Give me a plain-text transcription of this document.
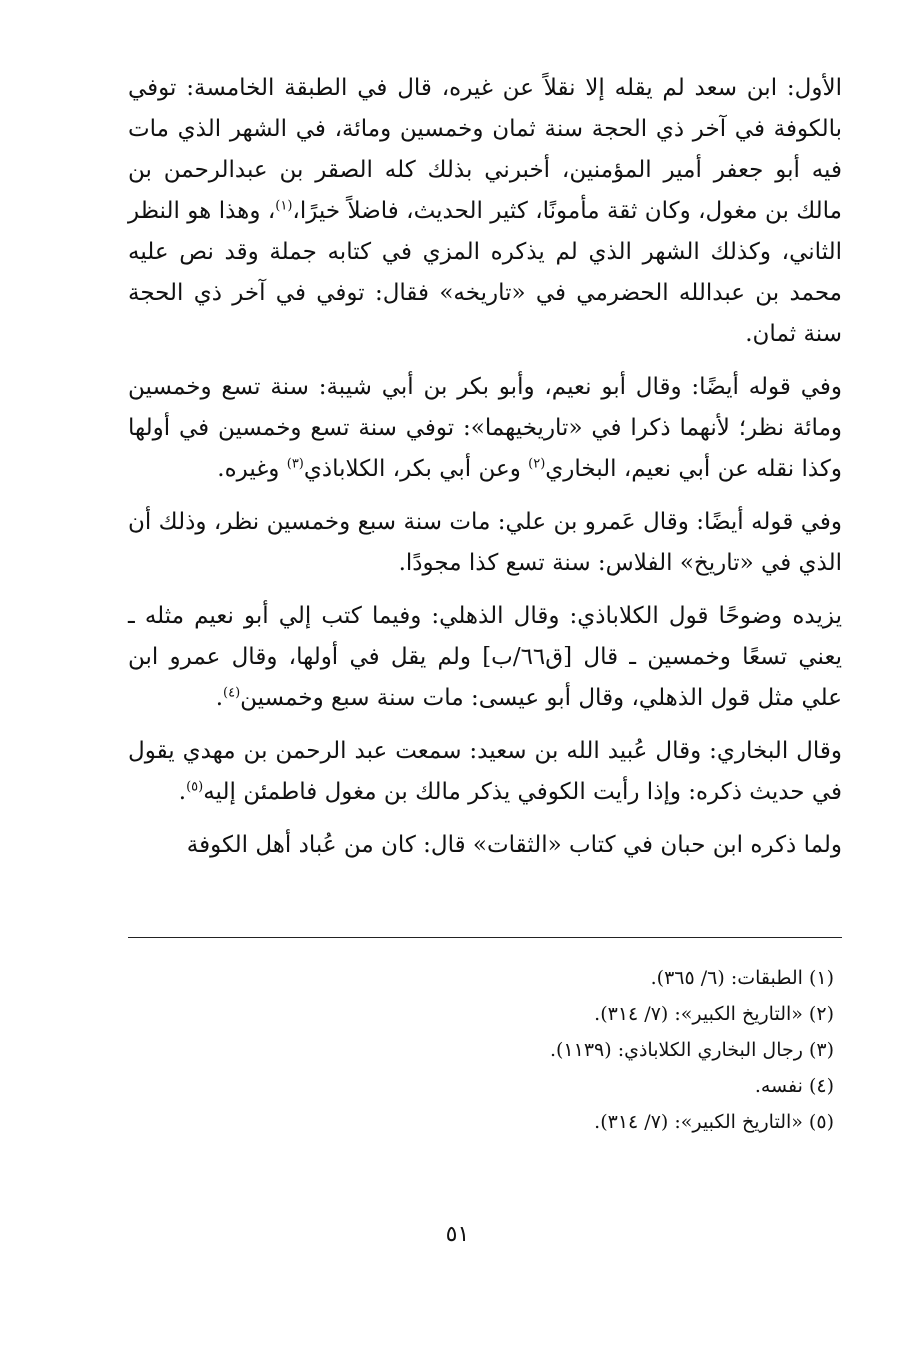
الأول: ابن سعد لم يقله إلا نقلاً عن غيره، قال في الطبقة الخامسة: توفي بالكوفة في آخر ذي الحجة سنة ثمان وخمسين ومائة، في الشهر الذي مات فيه أبو جعفر أمير المؤمنين، أخبرني بذلك كله الصقر بن عبدالرحمن بن مالك بن مغول، وكان ثقة مأمونًا، كثير الحديث، فاضلاً خيرًا،$^{(١)}$، وهذا هو النظر الثاني، وكذلك الشهر الذي لم يذكره المزي في كتابه جملة وقد نص عليه محمد بن عبدالله الحضرمي في «تاريخه» فقال: توفي في آخر ذي الحجة سنة ثمان.

وفي قوله أيضًا: وقال أبو نعيم، وأبو بكر بن أبي شيبة: سنة تسع وخمسين ومائة نظر؛ لأنهما ذكرا في «تاريخيهما»: توفي سنة تسع وخمسين في أولها وكذا نقله عن أبي نعيم، البخاري$^{(٢)}$ وعن أبي بكر، الكلاباذي$^{(٣)}$ وغيره.

وفي قوله أيضًا: وقال عَمرو بن علي: مات سنة سبع وخمسين نظر، وذلك أن الذي في «تاريخ» الفلاس: سنة تسع كذا مجودًا.

يزيده وضوحًا قول الكلاباذي: وقال الذهلي: وفيما كتب إلي أبو نعيم مثله ـ يعني تسعًا وخمسين ـ قال [ق٦٦/ب] ولم يقل في أولها، وقال عمرو ابن علي مثل قول الذهلي، وقال أبو عيسى: مات سنة سبع وخمسين$^{(٤)}$.

وقال البخاري: وقال عُبيد الله بن سعيد: سمعت عبد الرحمن بن مهدي يقول في حديث ذكره: وإذا رأيت الكوفي يذكر مالك بن مغول فاطمئن إليه$^{(٥)}$.

ولما ذكره ابن حبان في كتاب «الثقات» قال: كان من عُباد أهل الكوفة

(١) الطبقات: (٦/ ٣٦٥).
(٢) «التاريخ الكبير»: (٧/ ٣١٤).
(٣) رجال البخاري الكلاباذي: (١١٣٩).
(٤) نفسه.
(٥) «التاريخ الكبير»: (٧/ ٣١٤).
٥١
